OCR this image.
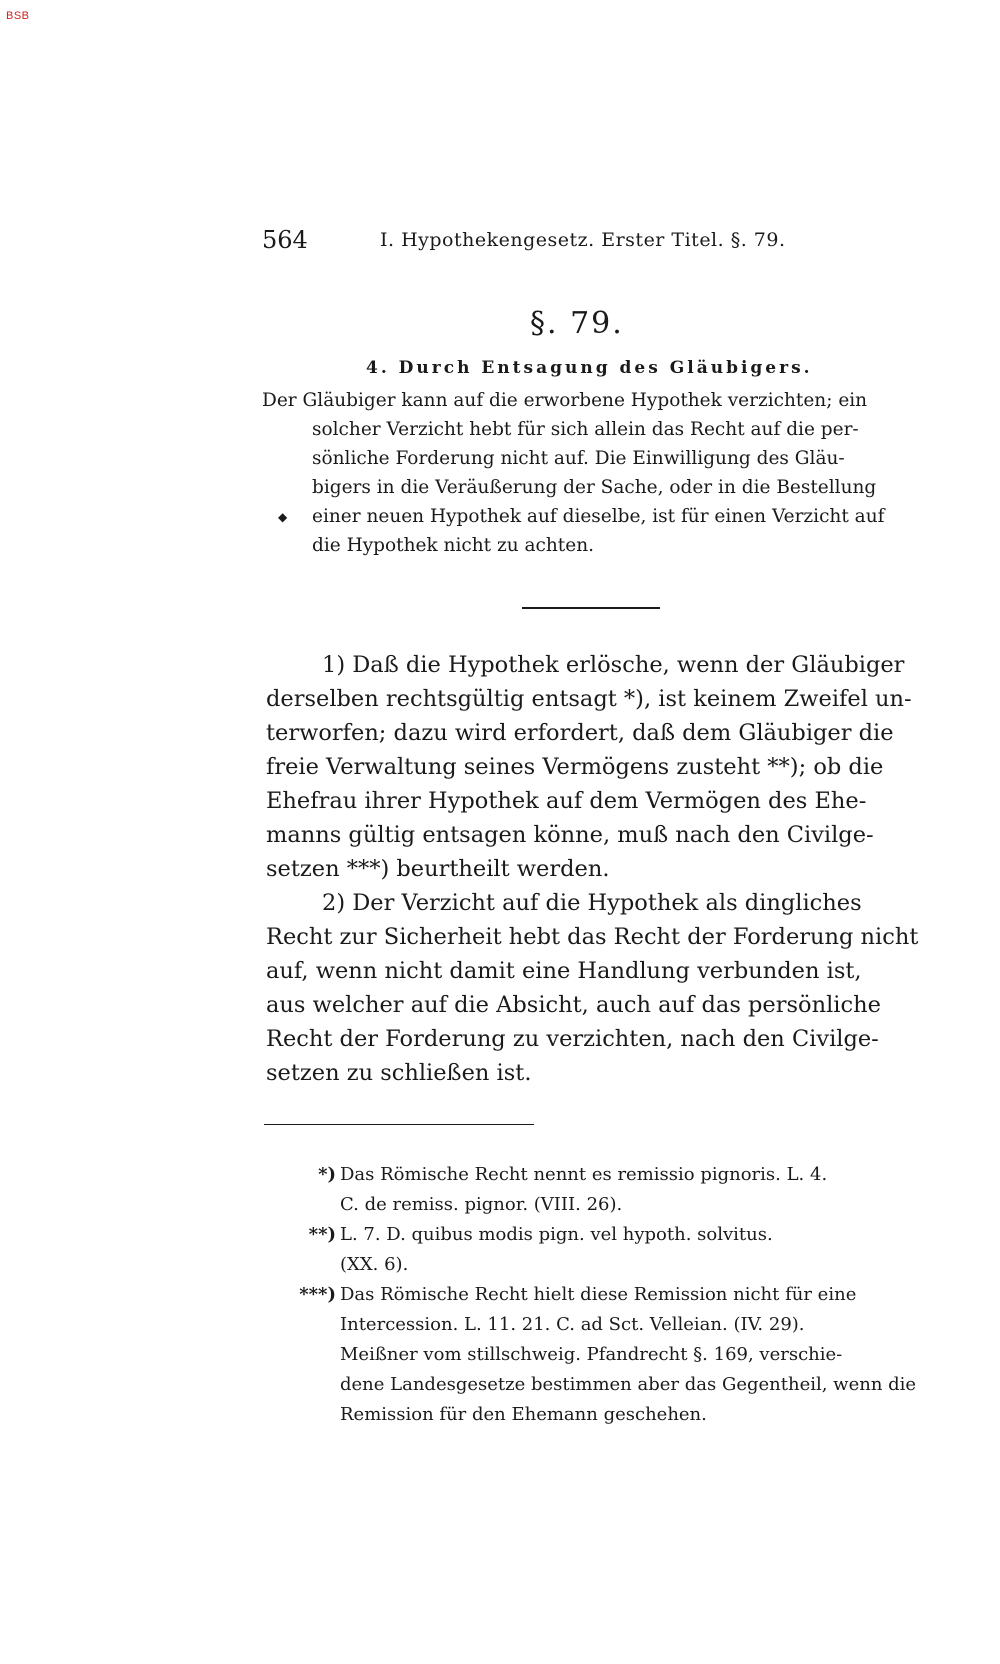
BSB
564	I. Hypothekengesetz. Erster Titel. §. 79.
§. 79.
4. Durch Entsagung des Gläubigers.
◆
Der Gläubiger kann auf die erworbene Hypothek verzichten; ein
solcher Verzicht hebt für sich allein das Recht auf die per-
sönliche Forderung nicht auf. Die Einwilligung des Gläu-
bigers in die Veräußerung der Sache, oder in die Bestellung
einer neuen Hypothek auf dieselbe, ist für einen Verzicht auf
die Hypothek nicht zu achten.
1) Daß die Hypothek erlösche, wenn der Gläubiger
derselben rechtsgültig entsagt *), ist keinem Zweifel un-
terworfen; dazu wird erfordert, daß dem Gläubiger die
freie Verwaltung seines Vermögens zusteht **); ob die
Ehefrau ihrer Hypothek auf dem Vermögen des Ehe-
manns gültig entsagen könne, muß nach den Civilge-
setzen ***) beurtheilt werden.
2) Der Verzicht auf die Hypothek als dingliches
Recht zur Sicherheit hebt das Recht der Forderung nicht
auf, wenn nicht damit eine Handlung verbunden ist,
aus welcher auf die Absicht, auch auf das persönliche
Recht der Forderung zu verzichten, nach den Civilge-
setzen zu schließen ist.
*) Das Römische Recht nennt es remissio pignoris. L. 4.
C. de remiss. pignor. (VIII. 26).
**) L. 7. D. quibus modis pign. vel hypoth. solvitus.
(XX. 6).
***) Das Römische Recht hielt diese Remission nicht für eine
Intercession. L. 11. 21. C. ad Sct. Velleian. (IV. 29).
Meißner vom stillschweig. Pfandrecht §. 169, verschie-
dene Landesgesetze bestimmen aber das Gegentheil, wenn die
Remission für den Ehemann geschehen.
